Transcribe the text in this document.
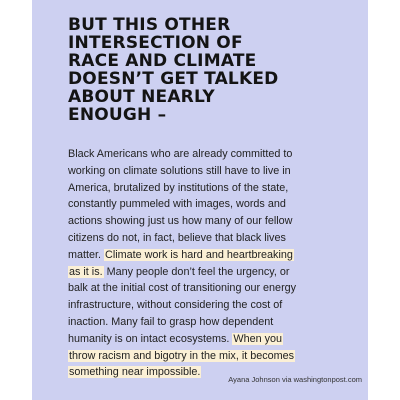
BUT THIS OTHER
INTERSECTION OF
RACE AND CLIMATE
DOESN’T GET TALKED
ABOUT NEARLY
ENOUGH –
Black Americans who are already committed to
working on climate solutions still have to live in
America, brutalized by institutions of the state,
constantly pummeled with images, words and
actions showing just us how many of our fellow
citizens do not, in fact, believe that black lives
matter. Climate work is hard and heartbreaking
as it is. Many people don’t feel the urgency, or
balk at the initial cost of transitioning our energy
infrastructure, without considering the cost of
inaction. Many fail to grasp how dependent
humanity is on intact ecosystems. When you
throw racism and bigotry in the mix, it becomes
something near impossible.
Ayana Johnson via washingtonpost.com
